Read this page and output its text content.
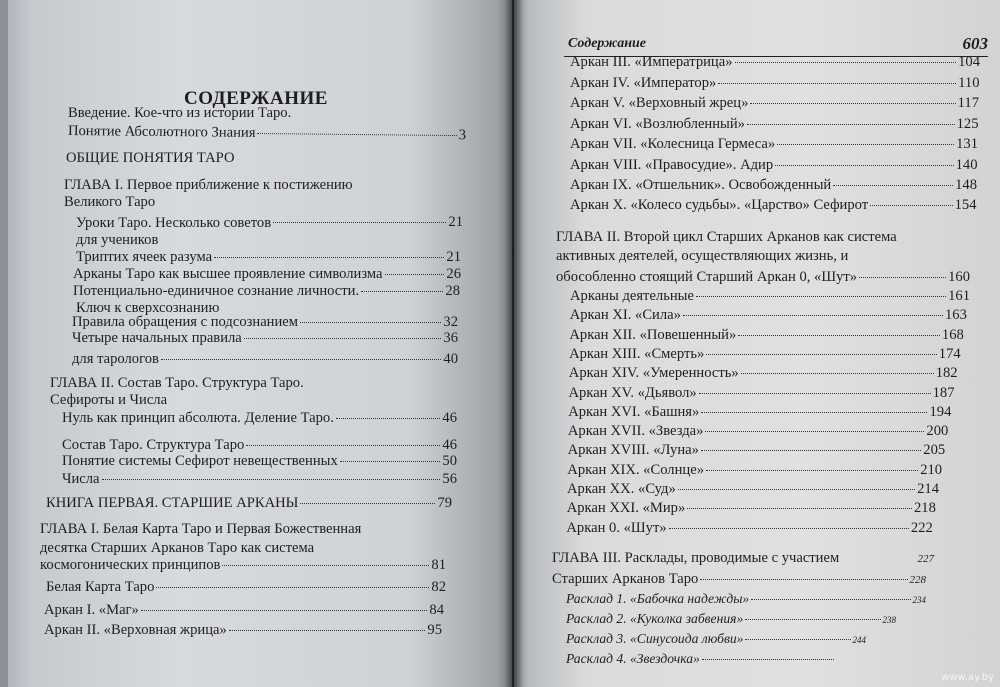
СОДЕРЖАНИЕ
Введение. Кое-что из истории Таро.
Понятие Абсолютного Знания	3
ОБЩИЕ ПОНЯТИЯ ТАРО
ГЛАВА I. Первое приближение к постижению
Великого Таро
Уроки Таро. Несколько советов	21
для учеников
Триптих ячеек разума	21
Арканы Таро как высшее проявление символизма	26
Потенциально-единичное сознание личности.	28
Ключ к сверхсознанию
Правила обращения с подсознанием	32
Четыре начальных правила	36
для тарологов	40
ГЛАВА II. Состав Таро. Структура Таро.
Сефироты и Числа
Нуль как принцип абсолюта. Деление Таро.	46
Состав Таро. Структура Таро	46
Понятие системы Сефирот невещественных	50
Числа	56
КНИГА ПЕРВАЯ. СТАРШИЕ АРКАНЫ	79
ГЛАВА I. Белая Карта Таро и Первая Божественная
десятка Старших Арканов Таро как система
космогонических принципов	81
Белая Карта Таро	82
Аркан I. «Маг»	84
Аркан II. «Верховная жрица»	95
Содержание	603
Аркан III. «Императрица»	104
Аркан IV. «Император»	110
Аркан V. «Верховный жрец»	117
Аркан VI. «Возлюбленный»	125
Аркан VII. «Колесница Гермеса»	131
Аркан VIII. «Правосудие». Адир	140
Аркан IX. «Отшельник». Освобожденный	148
Аркан X. «Колесо судьбы». «Царство» Сефирот	154
ГЛАВА II. Второй цикл Старших Арканов как система
активных деятелей, осуществляющих жизнь, и
обособленно стоящий Старший Аркан 0, «Шут»	160
Арканы деятельные	161
Аркан XI. «Сила»	163
Аркан XII. «Повешенный»	168
Аркан XIII. «Смерть»	174
Аркан XIV. «Умеренность»	182
Аркан XV. «Дьявол»	187
Аркан XVI. «Башня»	194
Аркан XVII. «Звезда»	200
Аркан XVIII. «Луна»	205
Аркан XIX. «Солнце»	210
Аркан XX. «Суд»	214
Аркан XXI. «Мир»	218
Аркан 0. «Шут»	222
ГЛАВА III. Расклады, проводимые с участием	227
Старших Арканов Таро	228
Расклад 1. «Бабочка надежды»	234
Расклад 2. «Куколка забвения»	238
Расклад 3. «Синусоида любви»	244
Расклад 4. «Звездочка»
www.ay.by
